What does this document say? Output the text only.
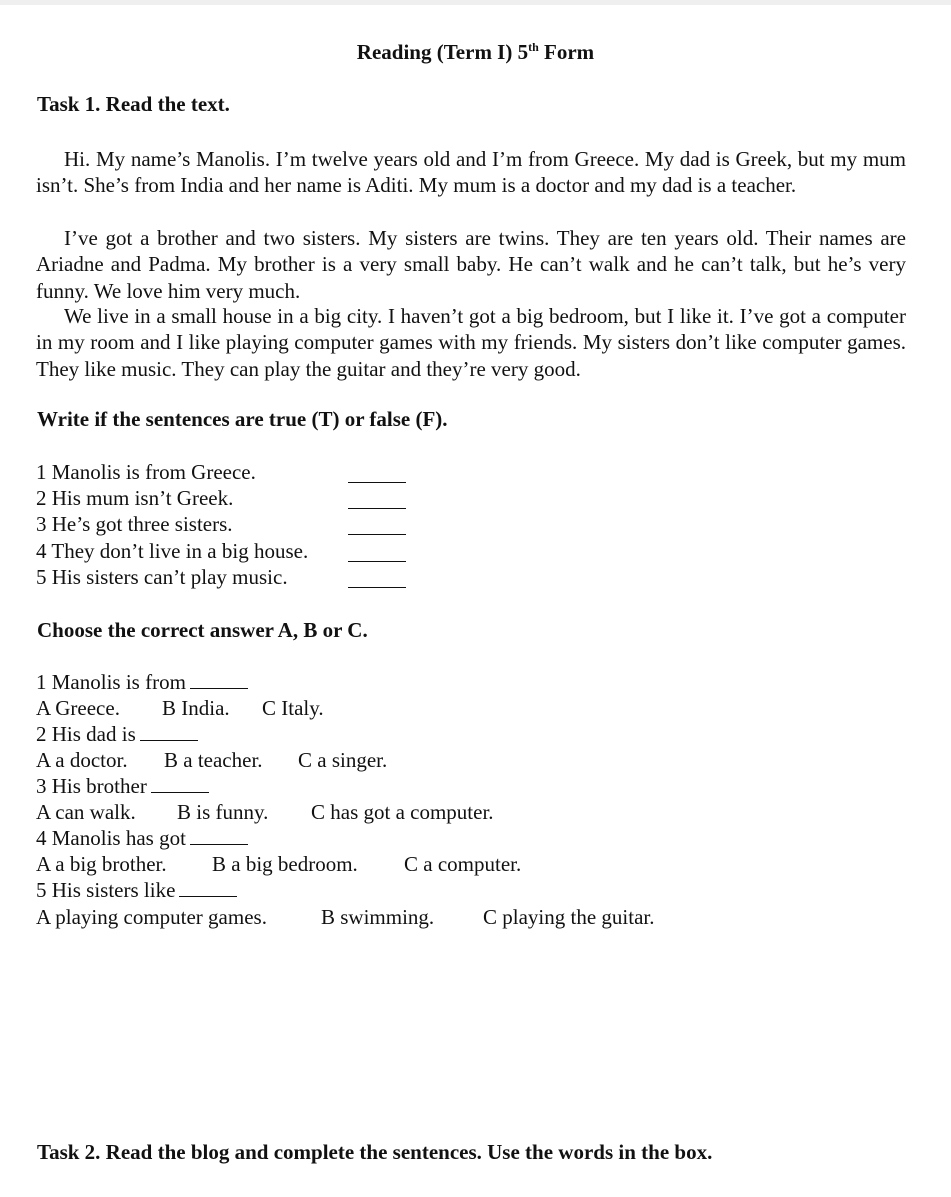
Reading (Term I) 5th Form
Task 1. Read the text.
Hi. My name’s Manolis. I’m twelve years old and I’m from Greece. My dad is Greek, but my mum isn’t. She’s from India and her name is Aditi. My mum is a doctor and my dad is a teacher.
I’ve got a brother and two sisters. My sisters are twins. They are ten years old. Their names are Ariadne and Padma. My brother is a very small baby. He can’t walk and he can’t talk, but he’s very funny. We love him very much.
We live in a small house in a big city. I haven’t got a big bedroom, but I like it. I’ve got a computer in my room and I like playing computer games with my friends. My sisters don’t like computer games. They like music. They can play the guitar and they’re very good.
Write if the sentences are true (T) or false (F).
1 Manolis is from Greece.
2 His mum isn’t Greek.
3 He’s got three sisters.
4 They don’t live in a big house.
5 His sisters can’t play music.
Choose the correct answer A, B or C.
1 Manolis is from
A Greece. B India. C Italy.
2 His dad is
A a doctor. B a teacher. C a singer.
3 His brother
A can walk. B is funny. C has got a computer.
4 Manolis has got
A a big brother. B a big bedroom. C a computer.
5 His sisters like
A playing computer games.	B swimming. C playing the guitar.
Task 2. Read the blog and complete the sentences. Use the words in the box.
